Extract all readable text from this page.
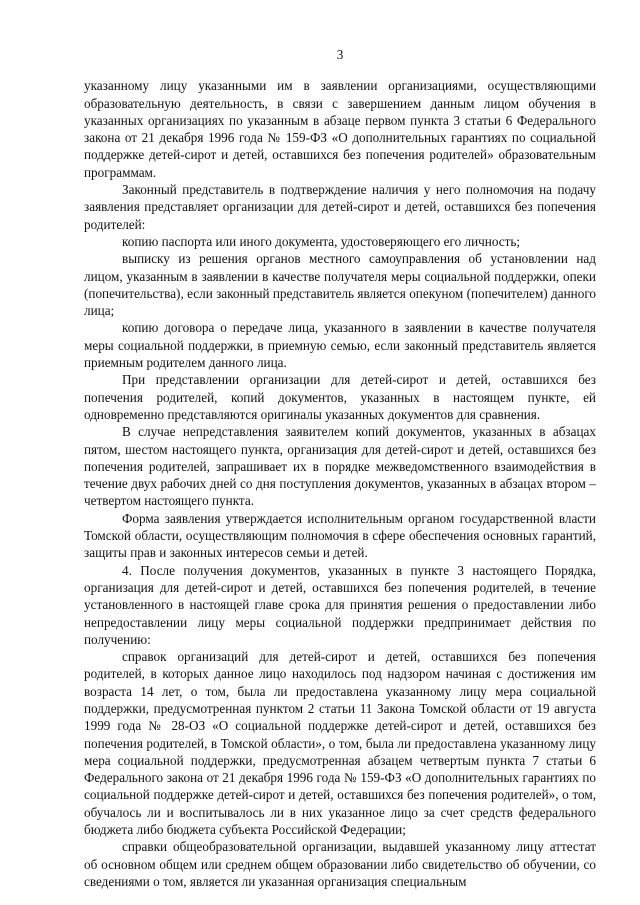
3

указанному лицу указанными им в заявлении организациями, осуществляющими образовательную деятельность, в связи с завершением данным лицом обучения в указанных организациях по указанным в абзаце первом пункта 3 статьи 6 Федерального закона от 21 декабря 1996 года № 159-ФЗ «О дополнительных гарантиях по социальной поддержке детей-сирот и детей, оставшихся без попечения родителей» образовательным программам.

Законный представитель в подтверждение наличия у него полномочия на подачу заявления представляет организации для детей-сирот и детей, оставшихся без попечения родителей:

копию паспорта или иного документа, удостоверяющего его личность;

выписку из решения органов местного самоуправления об установлении над лицом, указанным в заявлении в качестве получателя меры социальной поддержки, опеки (попечительства), если законный представитель является опекуном (попечителем) данного лица;

копию договора о передаче лица, указанного в заявлении в качестве получателя меры социальной поддержки, в приемную семью, если законный представитель является приемным родителем данного лица.

При представлении организации для детей-сирот и детей, оставшихся без попечения родителей, копий документов, указанных в настоящем пункте, ей одновременно представляются оригиналы указанных документов для сравнения.

В случае непредставления заявителем копий документов, указанных в абзацах пятом, шестом настоящего пункта, организация для детей-сирот и детей, оставшихся без попечения родителей, запрашивает их в порядке межведомственного взаимодействия в течение двух рабочих дней со дня поступления документов, указанных в абзацах втором – четвертом настоящего пункта.

Форма заявления утверждается исполнительным органом государственной власти Томской области, осуществляющим полномочия в сфере обеспечения основных гарантий, защиты прав и законных интересов семьи и детей.

4. После получения документов, указанных в пункте 3 настоящего Порядка, организация для детей-сирот и детей, оставшихся без попечения родителей, в течение установленного в настоящей главе срока для принятия решения о предоставлении либо непредоставлении лицу меры социальной поддержки предпринимает действия по получению:

справок организаций для детей-сирот и детей, оставшихся без попечения родителей, в которых данное лицо находилось под надзором начиная с достижения им возраста 14 лет, о том, была ли предоставлена указанному лицу мера социальной поддержки, предусмотренная пунктом 2 статьи 11 Закона Томской области от 19 августа 1999 года № 28-ОЗ «О социальной поддержке детей-сирот и детей, оставшихся без попечения родителей, в Томской области», о том, была ли предоставлена указанному лицу мера социальной поддержки, предусмотренная абзацем четвертым пункта 7 статьи 6 Федерального закона от 21 декабря 1996 года № 159-ФЗ «О дополнительных гарантиях по социальной поддержке детей-сирот и детей, оставшихся без попечения родителей», о том, обучалось ли и воспитывалось ли в них указанное лицо за счет средств федерального бюджета либо бюджета субъекта Российской Федерации;

справки общеобразовательной организации, выдавшей указанному лицу аттестат об основном общем или среднем общем образовании либо свидетельство об обучении, со сведениями о том, является ли указанная организация специальным
